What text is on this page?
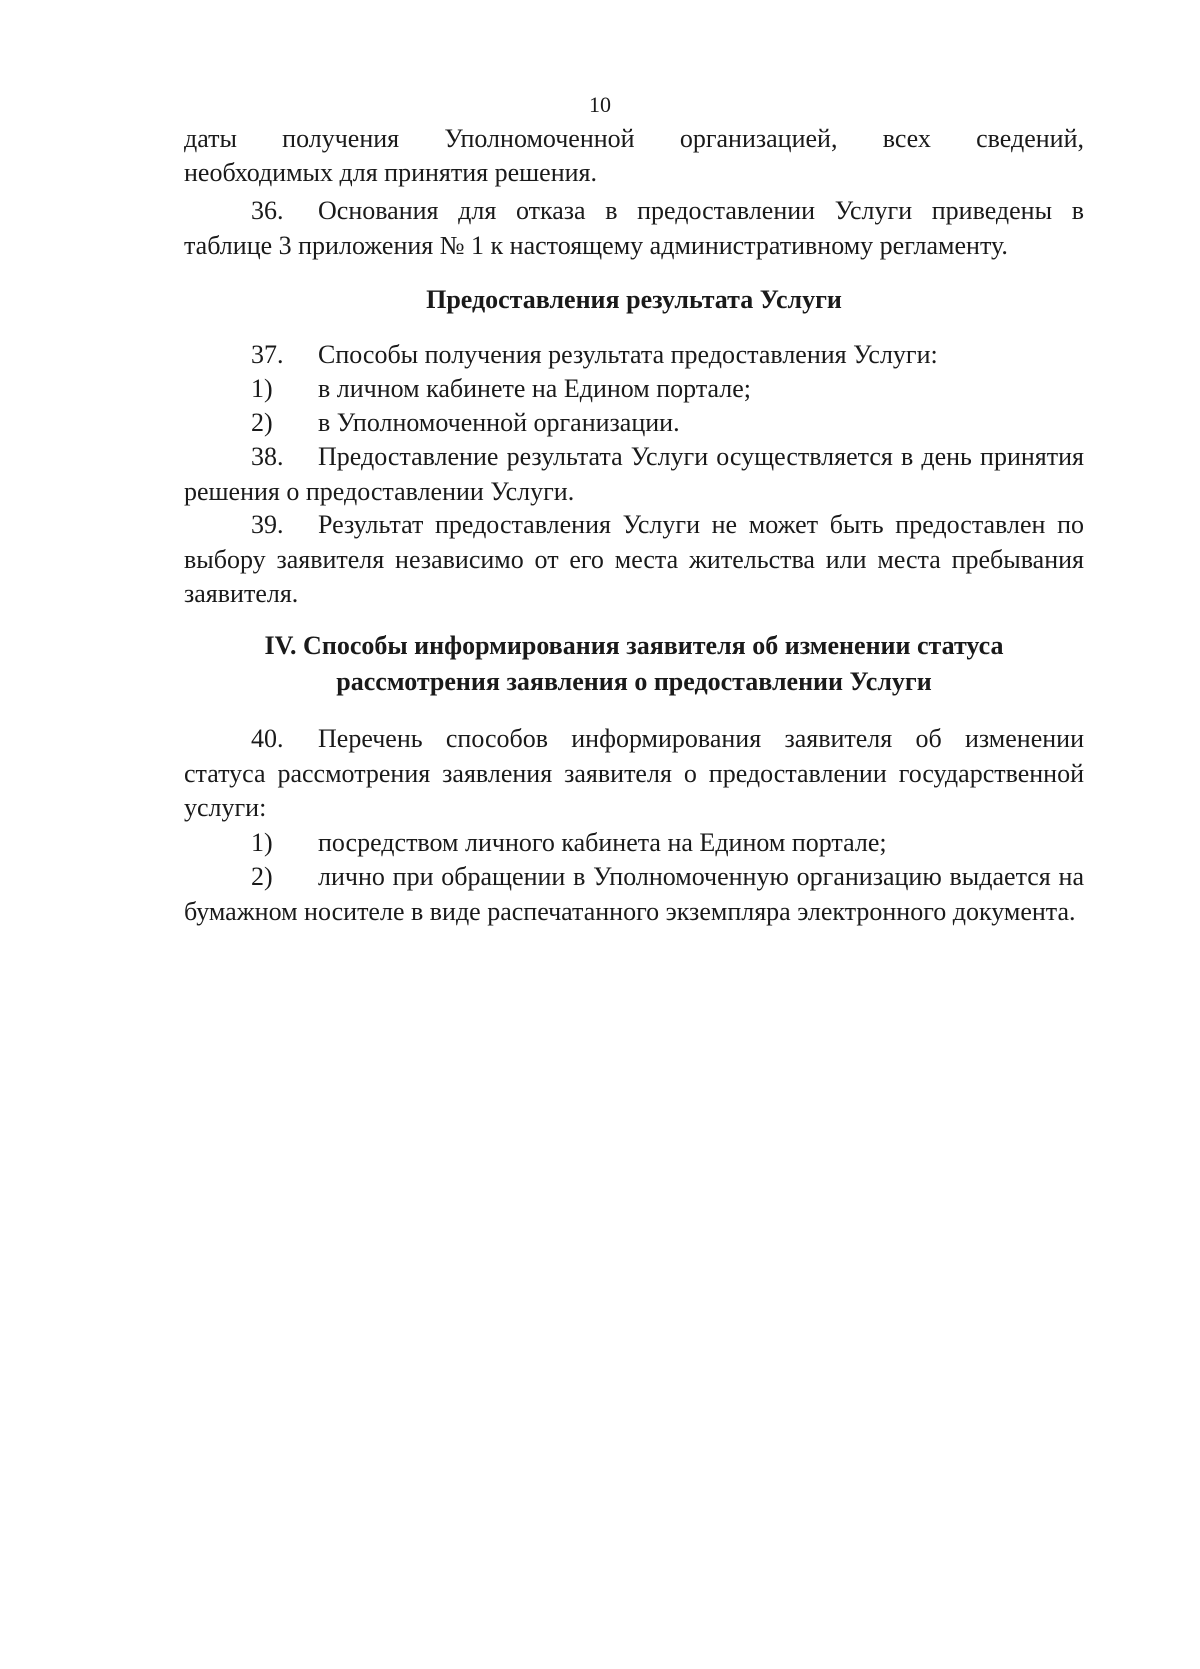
10
даты получения Уполномоченной организацией, всех сведений,
необходимых для принятия решения.
36. Основания для отказа в предоставлении Услуги приведены в таблице 3 приложения № 1 к настоящему административному регламенту.
Предоставления результата Услуги
37. Способы получения результата предоставления Услуги:
1) в личном кабинете на Едином портале;
2) в Уполномоченной организации.
38. Предоставление результата Услуги осуществляется в день принятия решения о предоставлении Услуги.
39. Результат предоставления Услуги не может быть предоставлен по выбору заявителя независимо от его места жительства или места пребывания заявителя.
IV. Способы информирования заявителя об изменении статуса
рассмотрения заявления о предоставлении Услуги
40. Перечень способов информирования заявителя об изменении статуса рассмотрения заявления заявителя о предоставлении государственной услуги:
1) посредством личного кабинета на Едином портале;
2) лично при обращении в Уполномоченную организацию выдается на бумажном носителе в виде распечатанного экземпляра электронного документа.
